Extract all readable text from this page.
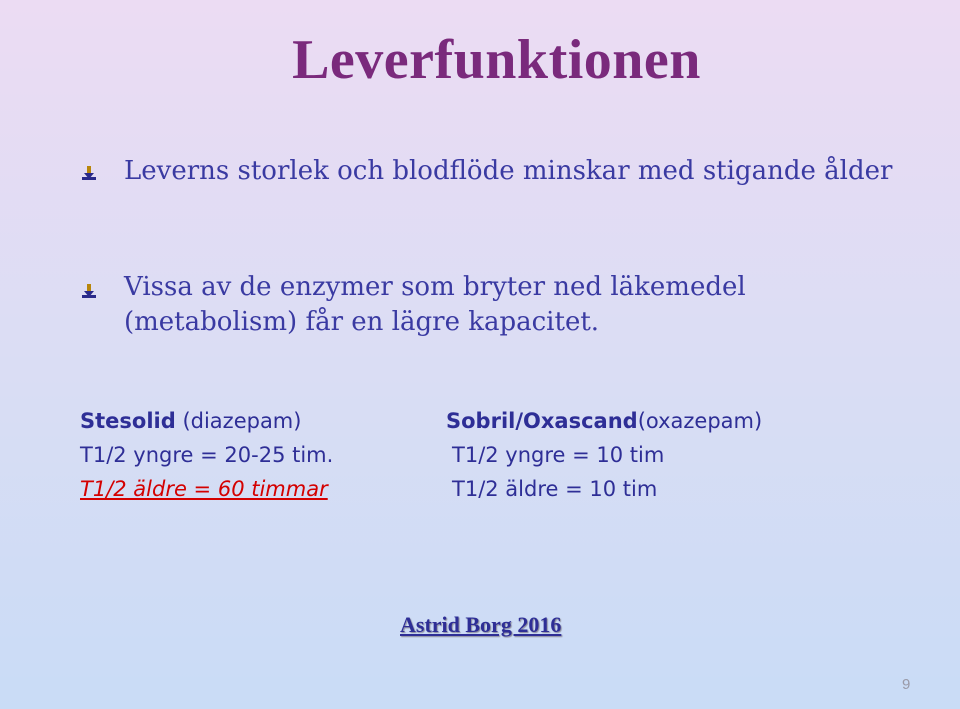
Leverfunktionen
Leverns storlek och blodflöde minskar med stigande ålder
Vissa av de enzymer som bryter ned läkemedel (metabolism) får en lägre kapacitet.
Stesolid (diazepam)
T1/2 yngre = 20-25 tim.
T1/2 äldre = 60 timmar
Sobril/Oxascand(oxazepam)
T1/2 yngre = 10 tim
T1/2 äldre = 10 tim
Astrid Borg 2016
9
